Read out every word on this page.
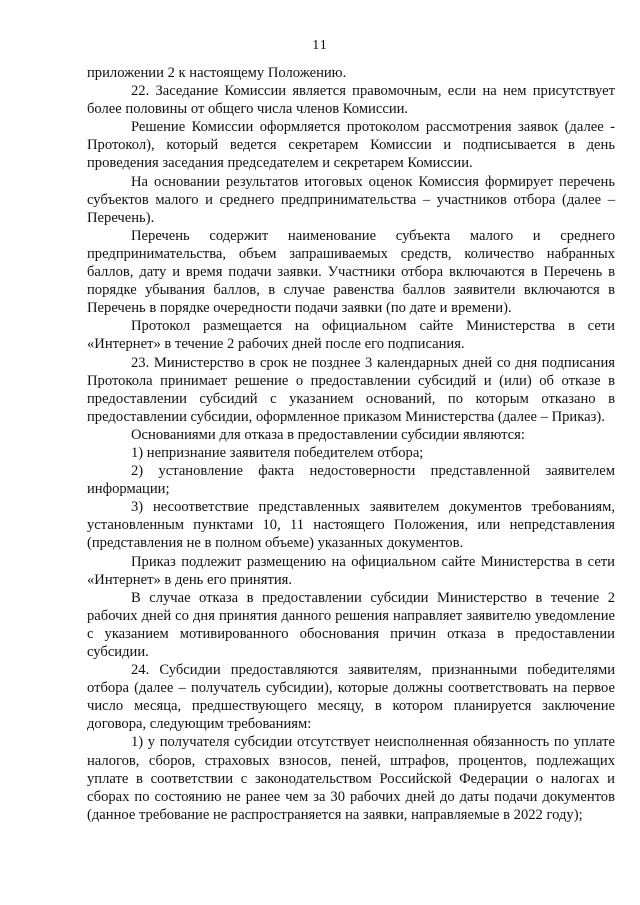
11

приложении 2 к настоящему Положению.

22. Заседание Комиссии является правомочным, если на нем присутствует более половины от общего числа членов Комиссии.

Решение Комиссии оформляется протоколом рассмотрения заявок (далее - Протокол), который ведется секретарем Комиссии и подписывается в день проведения заседания председателем и секретарем Комиссии.

На основании результатов итоговых оценок Комиссия формирует перечень субъектов малого и среднего предпринимательства – участников отбора (далее – Перечень).

Перечень содержит наименование субъекта малого и среднего предпринимательства, объем запрашиваемых средств, количество набранных баллов, дату и время подачи заявки. Участники отбора включаются в Перечень в порядке убывания баллов, в случае равенства баллов заявители включаются в Перечень в порядке очередности подачи заявки (по дате и времени).

Протокол размещается на официальном сайте Министерства в сети «Интернет» в течение 2 рабочих дней после его подписания.

23. Министерство в срок не позднее 3 календарных дней со дня подписания Протокола принимает решение о предоставлении субсидий и (или) об отказе в предоставлении субсидий с указанием оснований, по которым отказано в предоставлении субсидии, оформленное приказом Министерства (далее – Приказ).

Основаниями для отказа в предоставлении субсидии являются:

1) непризнание заявителя победителем отбора;

2) установление факта недостоверности представленной заявителем информации;

3) несоответствие представленных заявителем документов требованиям, установленным пунктами 10, 11 настоящего Положения, или непредставления (представления не в полном объеме) указанных документов.

Приказ подлежит размещению на официальном сайте Министерства в сети «Интернет» в день его принятия.

В случае отказа в предоставлении субсидии Министерство в течение 2 рабочих дней со дня принятия данного решения направляет заявителю уведомление с указанием мотивированного обоснования причин отказа в предоставлении субсидии.

24. Субсидии предоставляются заявителям, признанными победителями отбора (далее – получатель субсидии), которые должны соответствовать на первое число месяца, предшествующего месяцу, в котором планируется заключение договора, следующим требованиям:

1) у получателя субсидии отсутствует неисполненная обязанность по уплате налогов, сборов, страховых взносов, пеней, штрафов, процентов, подлежащих уплате в соответствии с законодательством Российской Федерации о налогах и сборах по состоянию не ранее чем за 30 рабочих дней до даты подачи документов (данное требование не распространяется на заявки, направляемые в 2022 году);
